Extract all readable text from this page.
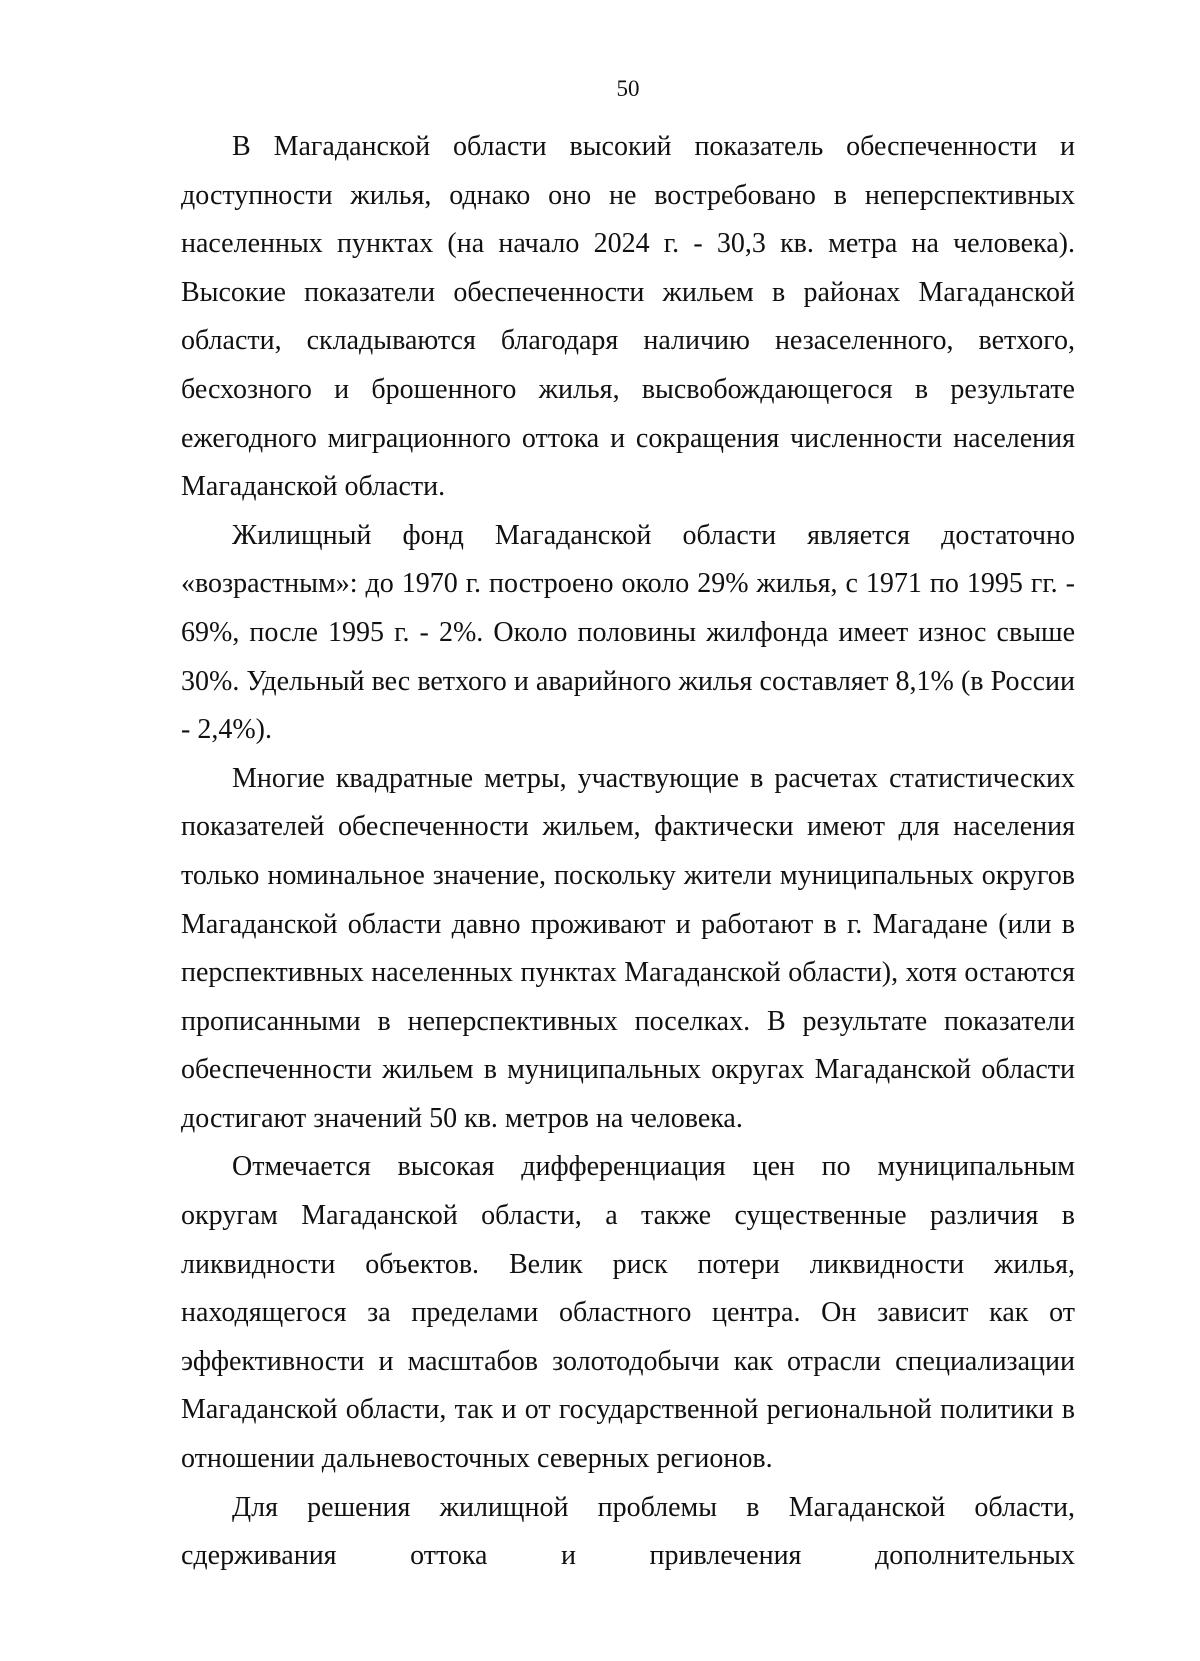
50

В Магаданской области высокий показатель обеспеченности и доступности жилья, однако оно не востребовано в неперспективных населенных пунктах (на начало 2024 г. - 30,3 кв. метра на человека). Высокие показатели обеспеченности жильем в районах Магаданской области, складываются благодаря наличию незаселенного, ветхого, бесхозного и брошенного жилья, высвобождающегося в результате ежегодного миграционного оттока и сокращения численности населения Магаданской области.

Жилищный фонд Магаданской области является достаточно «возрастным»: до 1970 г. построено около 29% жилья, с 1971 по 1995 гг. - 69%, после 1995 г. - 2%. Около половины жилфонда имеет износ свыше 30%. Удельный вес ветхого и аварийного жилья составляет 8,1% (в России - 2,4%).

Многие квадратные метры, участвующие в расчетах статистических показателей обеспеченности жильем, фактически имеют для населения только номинальное значение, поскольку жители муниципальных округов Магаданской области давно проживают и работают в г. Магадане (или в перспективных населенных пунктах Магаданской области), хотя остаются прописанными в неперспективных поселках. В результате показатели обеспеченности жильем в муниципальных округах Магаданской области достигают значений 50 кв. метров на человека.

Отмечается высокая дифференциация цен по муниципальным округам Магаданской области, а также существенные различия в ликвидности объектов. Велик риск потери ликвидности жилья, находящегося за пределами областного центра. Он зависит как от эффективности и масштабов золотодобычи как отрасли специализации Магаданской области, так и от государственной региональной политики в отношении дальневосточных северных регионов.

Для решения жилищной проблемы в Магаданской области, сдерживания оттока и привлечения дополнительных
